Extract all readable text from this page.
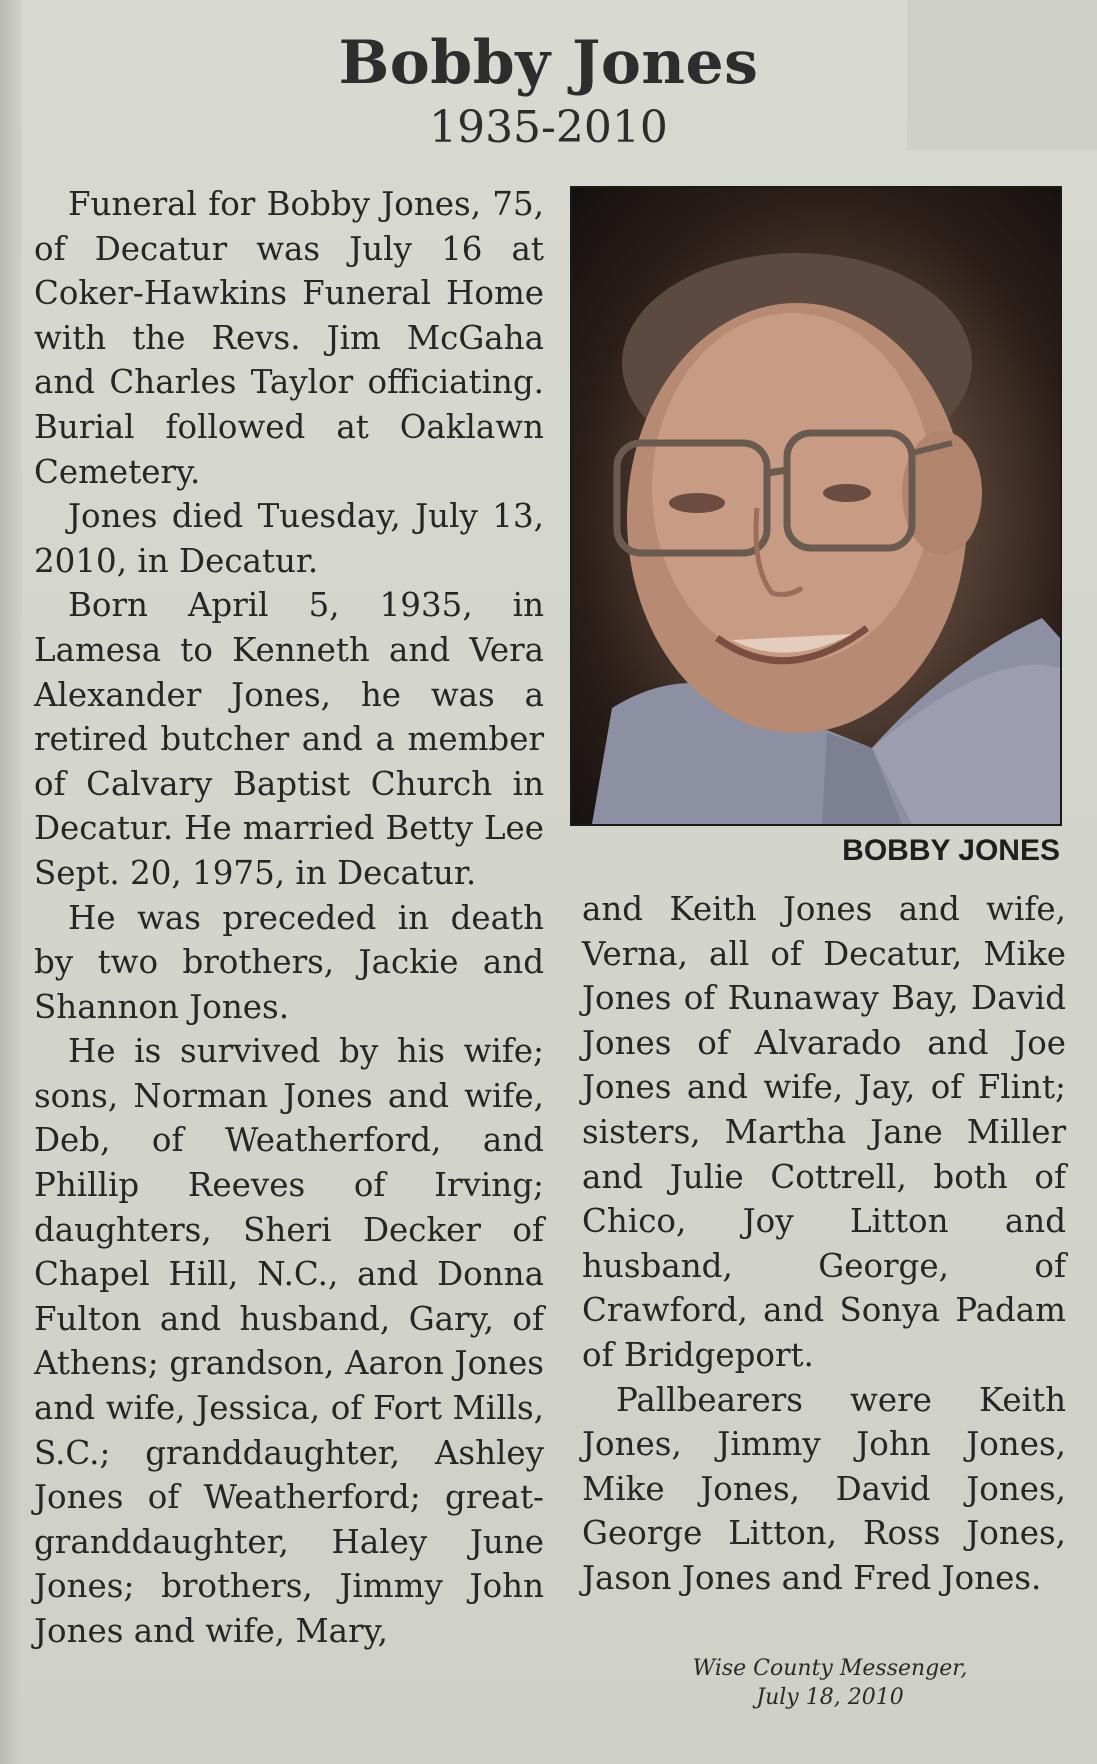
Bobby Jones
1935-2010

Funeral for Bobby Jones, 75, of Decatur was July 16 at Coker-Hawkins Funeral Home with the Revs. Jim McGaha and Charles Taylor officiating. Burial followed at Oaklawn Cemetery.

Jones died Tuesday, July 13, 2010, in Decatur.

Born April 5, 1935, in Lamesa to Kenneth and Vera Alexander Jones, he was a retired butcher and a member of Calvary Baptist Church in Decatur. He married Betty Lee Sept. 20, 1975, in Decatur.

He was preceded in death by two brothers, Jackie and Shannon Jones.

He is survived by his wife; sons, Norman Jones and wife, Deb, of Weatherford, and Phillip Reeves of Irving; daughters, Sheri Decker of Chapel Hill, N.C., and Donna Fulton and husband, Gary, of Athens; grandson, Aaron Jones and wife, Jessica, of Fort Mills, S.C.; granddaughter, Ashley Jones of Weatherford; great-granddaughter, Haley June Jones; brothers, Jimmy John Jones and wife, Mary,

BOBBY JONES

and Keith Jones and wife, Verna, all of Decatur, Mike Jones of Runaway Bay, David Jones of Alvarado and Joe Jones and wife, Jay, of Flint; sisters, Martha Jane Miller and Julie Cottrell, both of Chico, Joy Litton and husband, George, of Crawford, and Sonya Padam of Bridgeport.

Pallbearers were Keith Jones, Jimmy John Jones, Mike Jones, David Jones, George Litton, Ross Jones, Jason Jones and Fred Jones.

Wise County Messenger,
July 18, 2010
